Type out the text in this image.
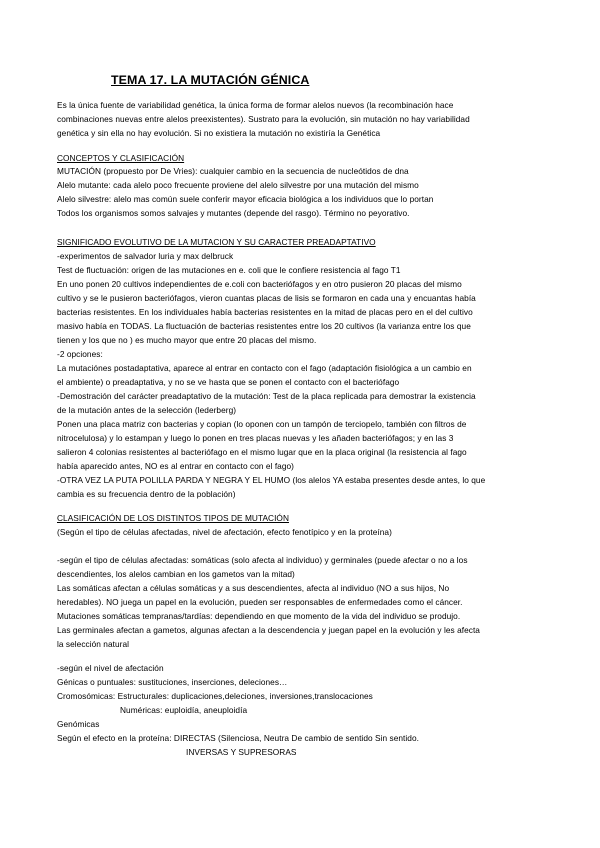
TEMA 17. LA MUTACIÓN GÉNICA
Es la única fuente de variabilidad genética, la única forma de formar alelos nuevos (la recombinación hace
combinaciones nuevas entre alelos preexistentes). Sustrato para la evolución, sin mutación no hay variabilidad
genética y sin ella no hay evolución. Si no existiera la mutación no existiría la Genética
CONCEPTOS Y CLASIFICACIÓN
MUTACIÓN (propuesto por De Vries): cualquier cambio en la secuencia de nucleótidos de dna
Alelo mutante: cada alelo poco frecuente proviene del alelo silvestre por una mutación del mismo
Alelo silvestre: alelo mas común suele conferir mayor eficacia biológica a los individuos que lo portan
Todos los organismos somos salvajes y mutantes (depende del rasgo). Término no peyorativo.
SIGNIFICADO EVOLUTIVO DE LA MUTACION Y SU CARACTER PREADAPTATIVO
-experimentos de salvador luria y max delbruck
Test de fluctuación: origen de las mutaciones en e. coli que le confiere resistencia al fago T1
En uno ponen 20 cultivos independientes de e.coli con bacteriófagos y en otro pusieron 20 placas del mismo
cultivo y se le pusieron bacteriófagos, vieron cuantas placas de lisis se formaron en cada una y encuantas había
bacterias resistentes. En los individuales había bacterias resistentes en la mitad de placas pero en el del cultivo
masivo había en TODAS. La fluctuación de bacterias resistentes entre los 20 cultivos (la varianza entre los que
tienen y los que no ) es mucho mayor que entre 20 placas del mismo.
-2 opciones:
La mutaciónes postadaptativa, aparece al entrar en contacto con el fago (adaptación fisiológica a un cambio en
el ambiente) o preadaptativa, y no se ve hasta que se ponen el contacto con el bacteriófago
-Demostración del carácter preadaptativo de la mutación: Test de la placa replicada para demostrar la existencia
de la mutación antes de la selección (lederberg)
Ponen una placa matriz con bacterias y copian (lo oponen con un tampón de terciopelo, también con filtros de
nitrocelulosa) y lo estampan y luego lo ponen en tres placas nuevas y les añaden bacteriófagos; y en las 3
salieron 4 colonias resistentes al bacteriófago en el mismo lugar que en la placa original (la resistencia al fago
había aparecido antes, NO es al entrar en contacto con el fago)
-OTRA VEZ LA PUTA POLILLA PARDA Y NEGRA Y EL HUMO (los alelos YA estaba presentes desde antes, lo que
cambia es su frecuencia dentro de la población)
CLASIFICACIÓN DE LOS DISTINTOS TIPOS DE MUTACIÓN
(Según el tipo de células afectadas, nivel de afectación, efecto fenotípico y en la proteína)
-según el tipo de células afectadas: somáticas (solo afecta al individuo) y germinales (puede afectar o no a los
descendientes, los alelos cambian en los gametos van la mitad)
Las somáticas afectan a células somáticas y a sus descendientes, afecta al individuo (NO a sus hijos, No
heredables). NO juega un papel en la evolución, pueden ser responsables de enfermedades como el cáncer.
Mutaciones somáticas tempranas/tardías: dependiendo en que momento de la vida del individuo se produjo.
Las germinales afectan a gametos, algunas afectan a la descendencia y juegan papel en la evolución y les afecta
la selección natural
-según el nivel de afectación
Génicas o puntuales: sustituciones, inserciones, deleciones…
Cromosómicas: Estructurales: duplicaciones,deleciones, inversiones,translocaciones
Numéricas: euploidía, aneuploidía
Genómicas
Según el efecto en la proteína: DIRECTAS (Silenciosa, Neutra De cambio de sentido Sin sentido.
INVERSAS Y SUPRESORAS
